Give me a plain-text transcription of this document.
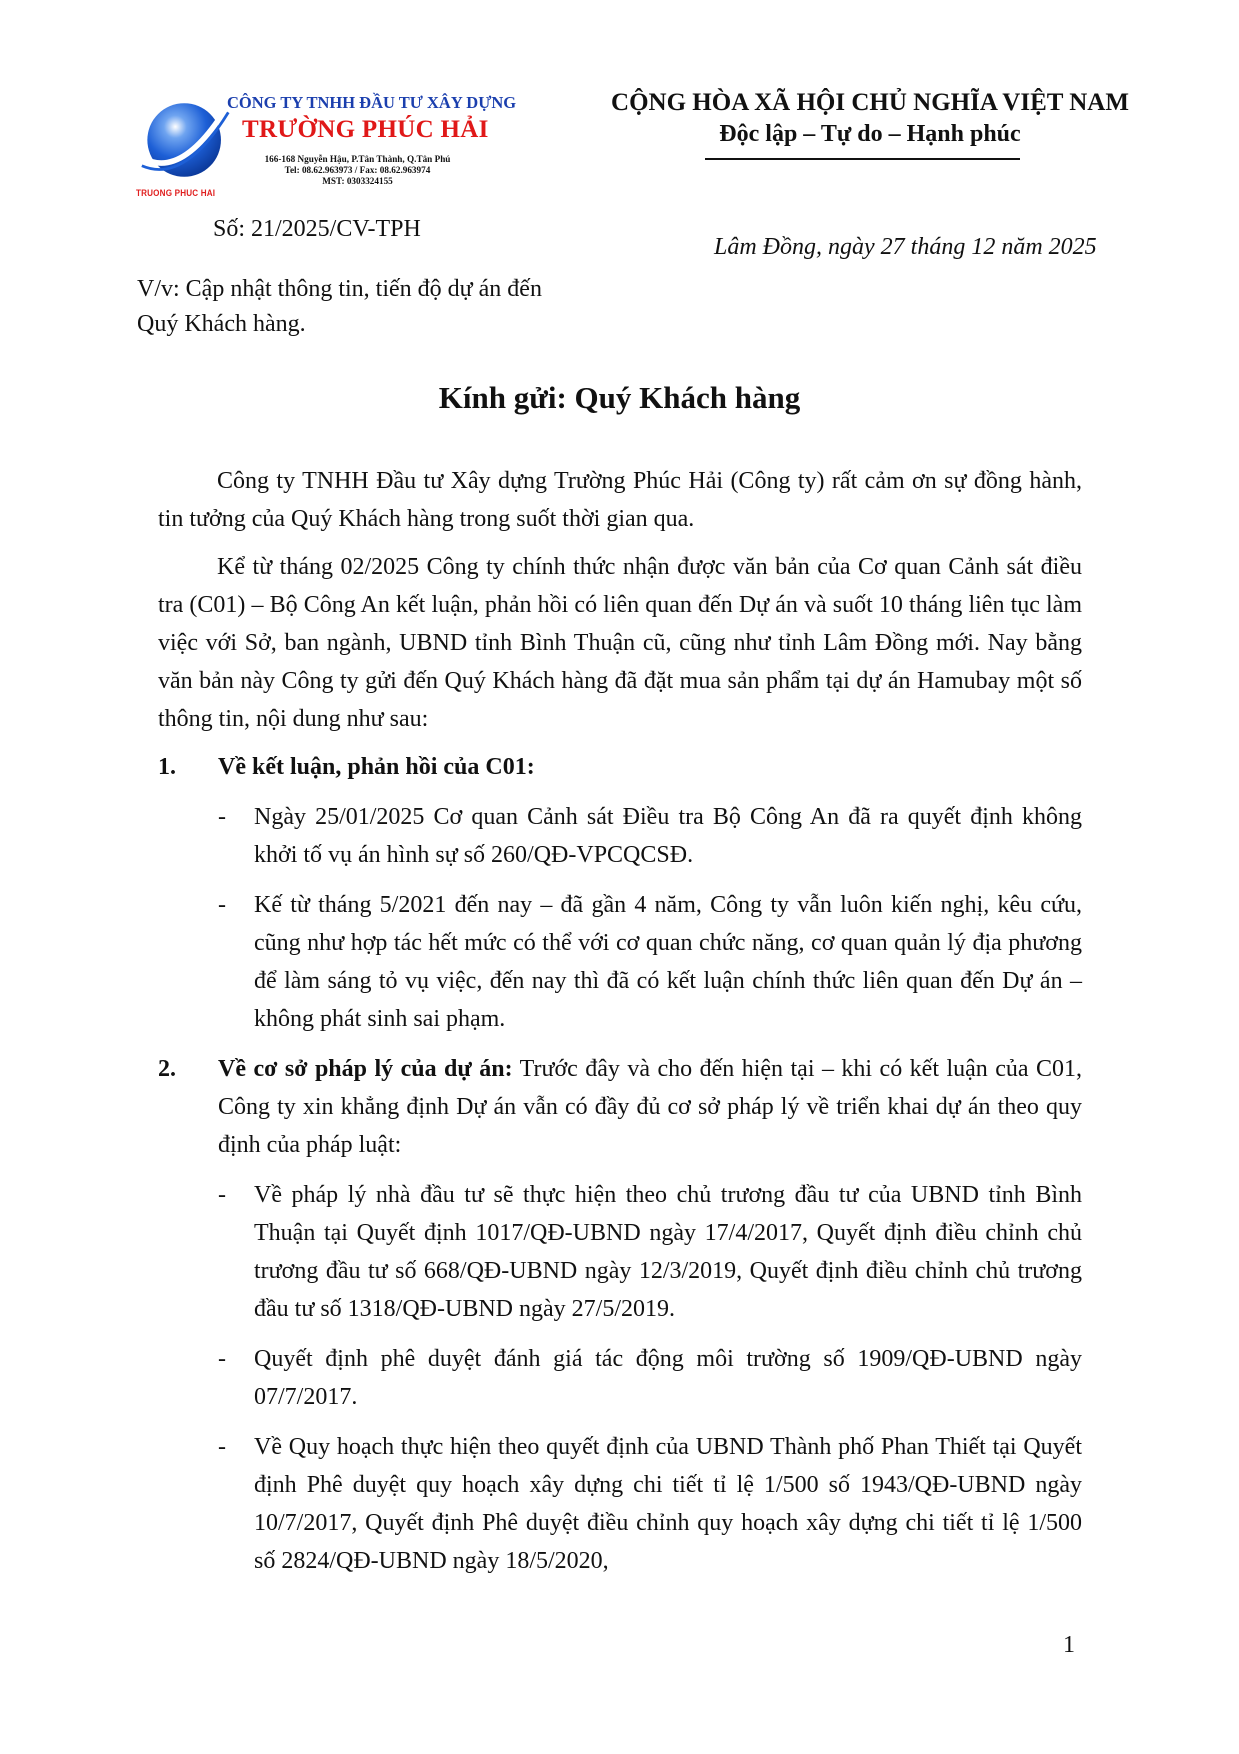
TRUONG PHUC HAI
CÔNG TY TNHH ĐẦU TƯ XÂY DỰNG
TRƯỜNG PHÚC HẢI
166-168 Nguyễn Hậu, P.Tân Thành, Q.Tân Phú
Tel: 08.62.963973 / Fax: 08.62.963974
MST: 0303324155
CỘNG HÒA XÃ HỘI CHỦ NGHĨA VIỆT NAM
Độc lập – Tự do – Hạnh phúc
Số: 21/2025/CV-TPH
Lâm Đồng, ngày 27 tháng 12 năm 2025
V/v: Cập nhật thông tin, tiến độ dự án đến Quý Khách hàng.
Kính gửi: Quý Khách hàng

Công ty TNHH Đầu tư Xây dựng Trường Phúc Hải (Công ty) rất cảm ơn sự đồng hành, tin tưởng của Quý Khách hàng trong suốt thời gian qua.

Kể từ tháng 02/2025 Công ty chính thức nhận được văn bản của Cơ quan Cảnh sát điều tra (C01) – Bộ Công An kết luận, phản hồi có liên quan đến Dự án và suốt 10 tháng liên tục làm việc với Sở, ban ngành, UBND tỉnh Bình Thuận cũ, cũng như tỉnh Lâm Đồng mới. Nay bằng văn bản này Công ty gửi đến Quý Khách hàng đã đặt mua sản phẩm tại dự án Hamubay một số thông tin, nội dung như sau:

1. Về kết luận, phản hồi của C01:
- Ngày 25/01/2025 Cơ quan Cảnh sát Điều tra Bộ Công An đã ra quyết định không khởi tố vụ án hình sự số 260/QĐ-VPCQCSĐ.
- Kế từ tháng 5/2021 đến nay – đã gần 4 năm, Công ty vẫn luôn kiến nghị, kêu cứu, cũng như hợp tác hết mức có thể với cơ quan chức năng, cơ quan quản lý địa phương để làm sáng tỏ vụ việc, đến nay thì đã có kết luận chính thức liên quan đến Dự án – không phát sinh sai phạm.
2. Về cơ sở pháp lý của dự án: Trước đây và cho đến hiện tại – khi có kết luận của C01, Công ty xin khẳng định Dự án vẫn có đầy đủ cơ sở pháp lý về triển khai dự án theo quy định của pháp luật:
- Về pháp lý nhà đầu tư sẽ thực hiện theo chủ trương đầu tư của UBND tỉnh Bình Thuận tại Quyết định 1017/QĐ-UBND ngày 17/4/2017, Quyết định điều chỉnh chủ trương đầu tư số 668/QĐ-UBND ngày 12/3/2019, Quyết định điều chỉnh chủ trương đầu tư số 1318/QĐ-UBND ngày 27/5/2019.
- Quyết định phê duyệt đánh giá tác động môi trường số 1909/QĐ-UBND ngày 07/7/2017.
- Về Quy hoạch thực hiện theo quyết định của UBND Thành phố Phan Thiết tại Quyết định Phê duyệt quy hoạch xây dựng chi tiết tỉ lệ 1/500 số 1943/QĐ-UBND ngày 10/7/2017, Quyết định Phê duyệt điều chỉnh quy hoạch xây dựng chi tiết tỉ lệ 1/500 số 2824/QĐ-UBND ngày 18/5/2020,
1
